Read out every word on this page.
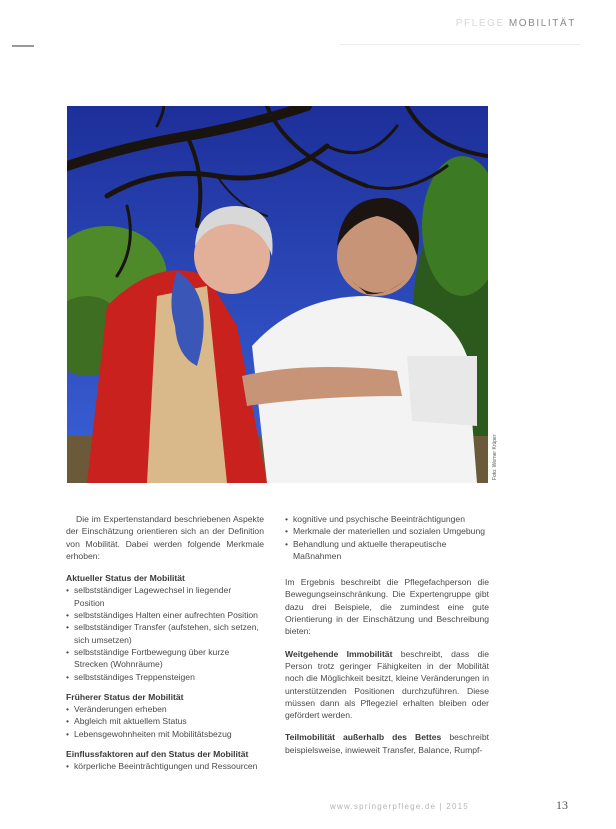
PFLEGE MOBILITÄT
Foto: Werner Krüper

Die im Expertenstandard beschriebenen Aspekte der Einschätzung orientieren sich an der Definition von Mobilität. Dabei werden folgende Merkmale erhoben:

Aktueller Status der Mobilität

• selbstständiger Lagewechsel in liegender Position
• selbstständiges Halten einer aufrechten Position
• selbstständiger Transfer (aufstehen, sich setzen, sich umsetzen)
• selbstständige Fortbewegung über kurze Strecken (Wohnräume)
• selbstständiges Treppensteigen

Früherer Status der Mobilität

• Veränderungen erheben
• Abgleich mit aktuellem Status
• Lebensgewohnheiten mit Mobilitätsbezug

Einflussfaktoren auf den Status der Mobilität

• körperliche Beeinträchtigungen und Ressourcen
• kognitive und psychische Beeinträchtigungen
• Merkmale der materiellen und sozialen Umgebung
• Behandlung und aktuelle therapeutische Maßnahmen

Im Ergebnis beschreibt die Pflegefachperson die Bewegungseinschränkung. Die Expertengruppe gibt dazu drei Beispiele, die zumindest eine gute Orientierung in der Einschätzung und Beschreibung bieten:

Weitgehende Immobilität beschreibt, dass die Person trotz geringer Fähigkeiten in der Mobilität noch die Möglichkeit besitzt, kleine Veränderungen in unterstützenden Positionen durchzuführen. Diese müssen dann als Pflegeziel erhalten bleiben oder gefördert werden.

Teilmobilität außerhalb des Bettes beschreibt beispielsweise, inwieweit Transfer, Balance, Rumpf-

www.springerpflege.de | 2015	13
